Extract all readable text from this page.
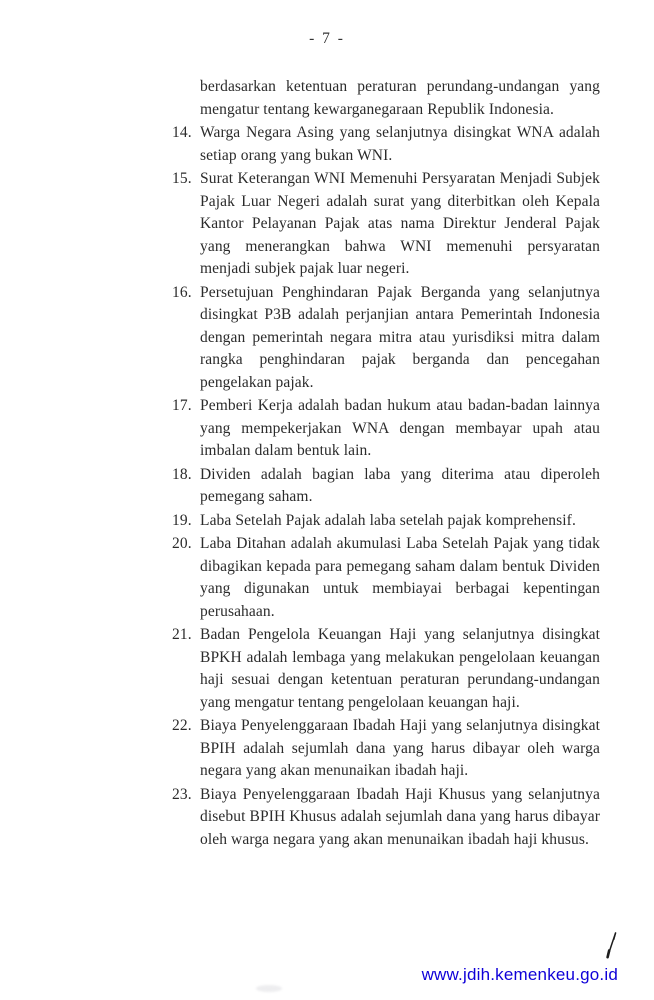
- 7 -

berdasarkan ketentuan peraturan perundang-undangan yang mengatur tentang kewarganegaraan Republik Indonesia.

14. Warga Negara Asing yang selanjutnya disingkat WNA adalah setiap orang yang bukan WNI.
15. Surat Keterangan WNI Memenuhi Persyaratan Menjadi Subjek Pajak Luar Negeri adalah surat yang diterbitkan oleh Kepala Kantor Pelayanan Pajak atas nama Direktur Jenderal Pajak yang menerangkan bahwa WNI memenuhi persyaratan menjadi subjek pajak luar negeri.
16. Persetujuan Penghindaran Pajak Berganda yang selanjutnya disingkat P3B adalah perjanjian antara Pemerintah Indonesia dengan pemerintah negara mitra atau yurisdiksi mitra dalam rangka penghindaran pajak berganda dan pencegahan pengelakan pajak.
17. Pemberi Kerja adalah badan hukum atau badan-badan lainnya yang mempekerjakan WNA dengan membayar upah atau imbalan dalam bentuk lain.
18. Dividen adalah bagian laba yang diterima atau diperoleh pemegang saham.
19. Laba Setelah Pajak adalah laba setelah pajak komprehensif.
20. Laba Ditahan adalah akumulasi Laba Setelah Pajak yang tidak dibagikan kepada para pemegang saham dalam bentuk Dividen yang digunakan untuk membiayai berbagai kepentingan perusahaan.
21. Badan Pengelola Keuangan Haji yang selanjutnya disingkat BPKH adalah lembaga yang melakukan pengelolaan keuangan haji sesuai dengan ketentuan peraturan perundang-undangan yang mengatur tentang pengelolaan keuangan haji.
22. Biaya Penyelenggaraan Ibadah Haji yang selanjutnya disingkat BPIH adalah sejumlah dana yang harus dibayar oleh warga negara yang akan menunaikan ibadah haji.
23. Biaya Penyelenggaraan Ibadah Haji Khusus yang selanjutnya disebut BPIH Khusus adalah sejumlah dana yang harus dibayar oleh warga negara yang akan menunaikan ibadah haji khusus.
www.jdih.kemenkeu.go.id
